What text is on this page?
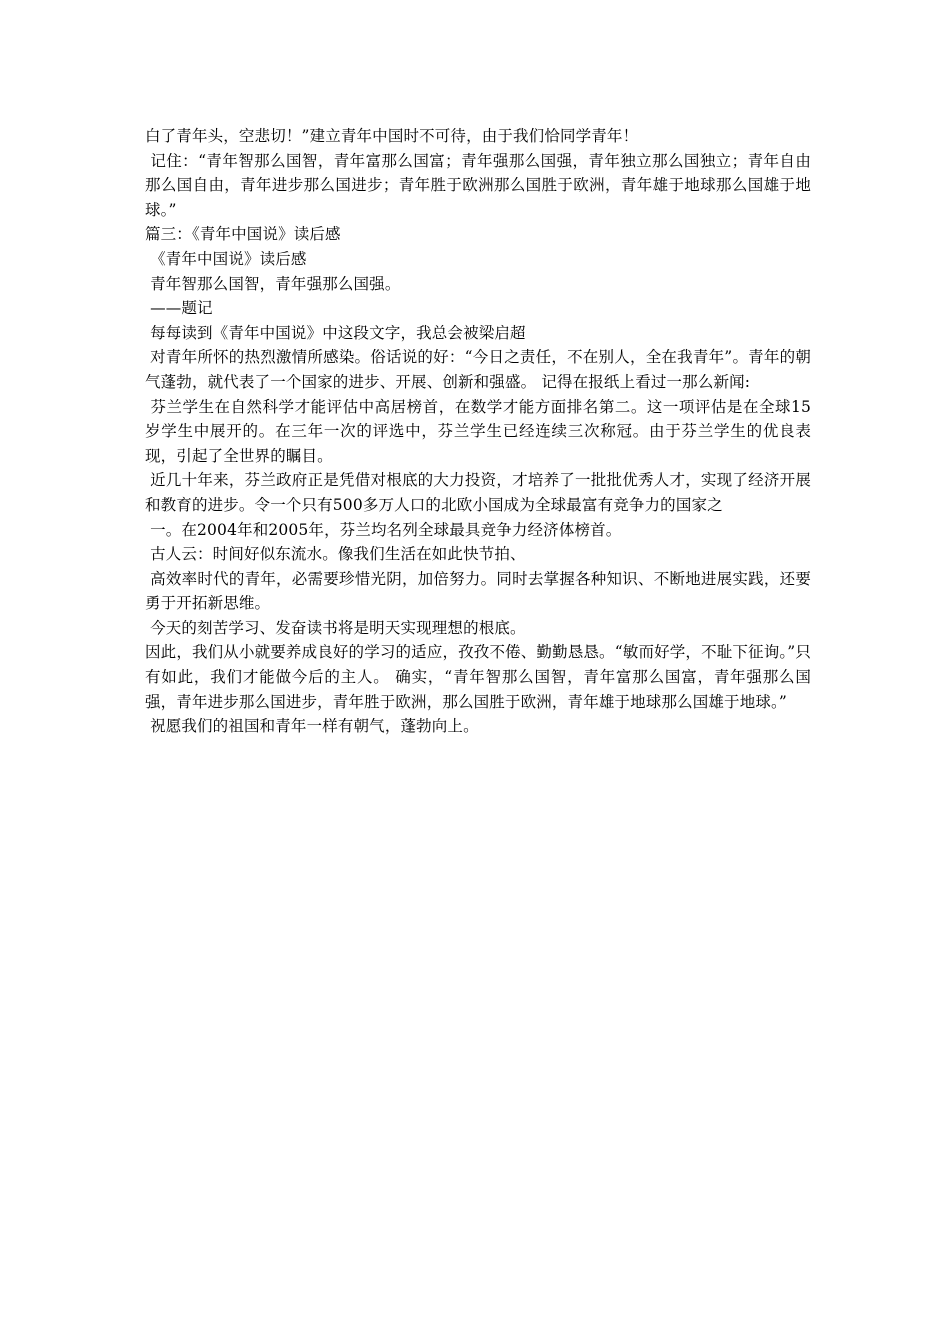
白了青年头，空悲切！”建立青年中国时不可待，由于我们恰同学青年！

记住：“青年智那么国智，青年富那么国富；青年强那么国强，青年独立那么国独立；青年自由那么国自由，青年进步那么国进步；青年胜于欧洲那么国胜于欧洲，青年雄于地球那么国雄于地球。”

篇三：《青年中国说》读后感

《青年中国说》读后感

青年智那么国智，青年强那么国强。

——题记

每每读到《青年中国说》中这段文字，我总会被梁启超

对青年所怀的热烈激情所感染。俗话说的好：“今日之责任，不在别人，全在我青年”。青年的朝气蓬勃，就代表了一个国家的进步、开展、创新和强盛。 记得在报纸上看过一那么新闻:

芬兰学生在自然科学才能评估中高居榜首，在数学才能方面排名第二。这一项评估是在全球15岁学生中展开的。在三年一次的评选中，芬兰学生已经连续三次称冠。由于芬兰学生的优良表现，引起了全世界的瞩目。

近几十年来，芬兰政府正是凭借对根底的大力投资，才培养了一批批优秀人才，实现了经济开展和教育的进步。令一个只有500多万人口的北欧小国成为全球最富有竞争力的国家之

一。在2004年和2005年，芬兰均名列全球最具竞争力经济体榜首。

古人云：时间好似东流水。像我们生活在如此快节拍、

高效率时代的青年，必需要珍惜光阴，加倍努力。同时去掌握各种知识、不断地进展实践，还要勇于开拓新思维。

今天的刻苦学习、发奋读书将是明天实现理想的根底。

因此，我们从小就要养成良好的学习的适应，孜孜不倦、勤勤恳恳。“敏而好学，不耻下征询。”只有如此，我们才能做今后的主人。 确实，“青年智那么国智，青年富那么国富，青年强那么国强，青年进步那么国进步，青年胜于欧洲，那么国胜于欧洲，青年雄于地球那么国雄于地球。”

祝愿我们的祖国和青年一样有朝气，蓬勃向上。
